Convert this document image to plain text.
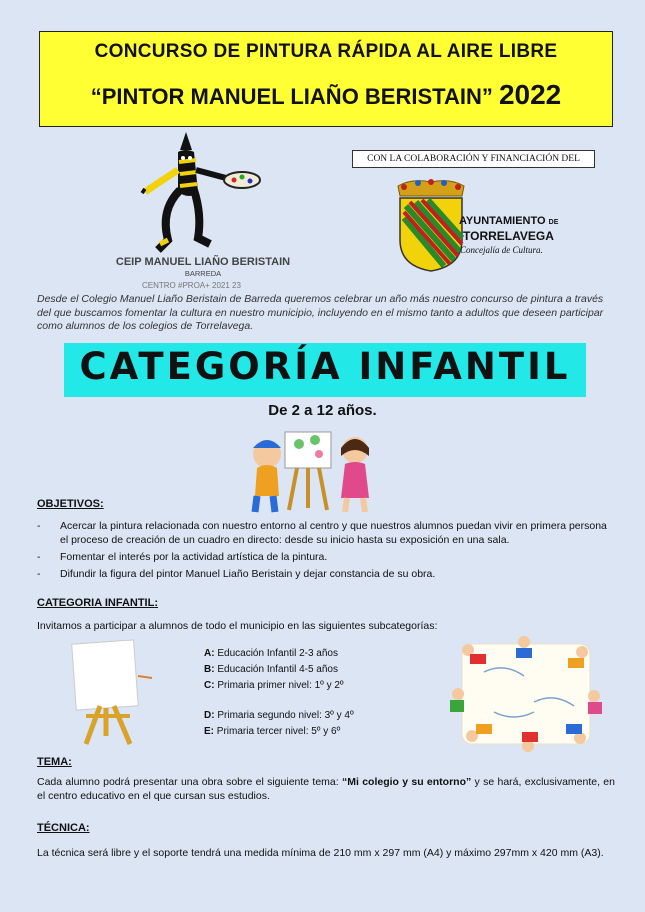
CONCURSO DE PINTURA RÁPIDA AL AIRE LIBRE
“PINTOR MANUEL LIAÑO BERISTAIN” 2022
CEIP MANUEL LIAÑO BERISTAIN
BARREDA
CENTRO #PROA+ 2021 23
CON LA COLABORACIÓN Y FINANCIACIÓN DEL
AYUNTAMIENTO DE
TORRELAVEGA
Concejalía de Cultura.
Desde el Colegio Manuel Liaño Beristain de Barreda queremos celebrar un año más nuestro concurso de pintura a través del que buscamos fomentar la cultura en nuestro municipio, incluyendo en el mismo tanto a adultos que deseen participar como alumnos de los colegios de Torrelavega.
CATEGORÍA INFANTIL
De 2 a 12 años.
OBJETIVOS:
- Acercar la pintura relacionada con nuestro entorno al centro y que nuestros alumnos puedan vivir en primera persona el proceso de creación de un cuadro en directo: desde su inicio hasta su exposición en una sala.
- Fomentar el interés por la actividad artística de la pintura.
- Difundir la figura del pintor Manuel Liaño Beristain y dejar constancia de su obra.
CATEGORIA INFANTIL:
Invitamos a participar a alumnos de todo el municipio en las siguientes subcategorías:
A: Educación Infantil 2-3 años
B: Educación Infantil 4-5 años
C: Primaria primer nivel: 1º y 2º
D: Primaria segundo nivel: 3º y 4º
E: Primaria tercer nivel: 5º y 6º
TEMA:
Cada alumno podrá presentar una obra sobre el siguiente tema: “Mi colegio y su entorno” y se hará, exclusivamente, en el centro educativo en el que cursan sus estudios.
TÉCNICA:
La técnica será libre y el soporte tendrá una medida mínima de 210 mm x 297 mm (A4) y máximo 297mm x 420 mm (A3).
